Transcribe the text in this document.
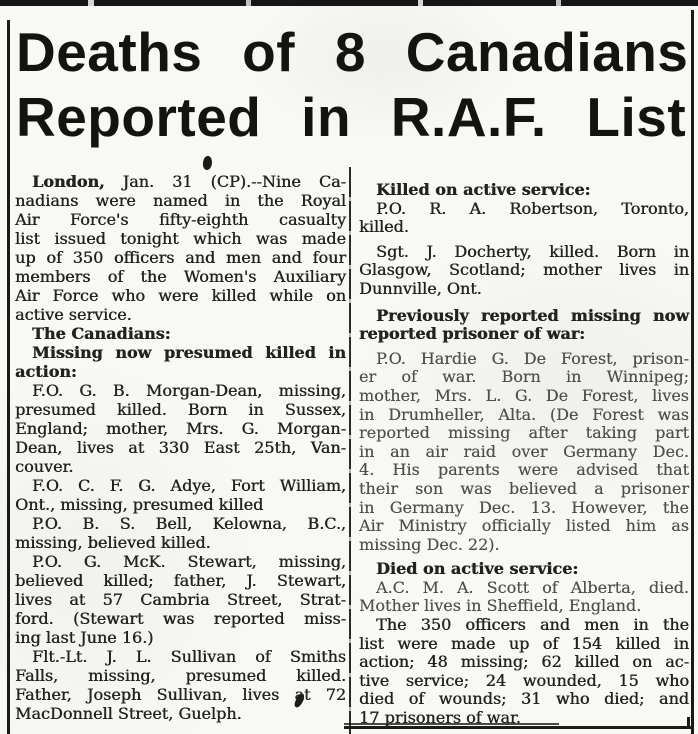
Deaths of 8 Canadians
Reported in R.A.F. List
London, Jan. 31 (CP).--Nine Ca-
nadians were named in the Royal
Air Force's fifty-eighth casualty
list issued tonight which was made
up of 350 officers and men and four
members of the Women's Auxiliary
Air Force who were killed while on
active service.
The Canadians:
Missing now presumed killed in
action:
F.O. G. B. Morgan-Dean, missing,
presumed killed. Born in Sussex,
England; mother, Mrs. G. Morgan-
Dean, lives at 330 East 25th, Van-
couver.
F.O. C. F. G. Adye, Fort William,
Ont., missing, presumed killed
P.O. B. S. Bell, Kelowna, B.C.,
missing, believed killed.
P.O. G. McK. Stewart, missing,
believed killed; father, J. Stewart,
lives at 57 Cambria Street, Strat-
ford. (Stewart was reported miss-
ing last June 16.)
Flt.-Lt. J. L. Sullivan of Smiths
Falls, missing, presumed killed.
Father, Joseph Sullivan, lives at 72
MacDonnell Street, Guelph.
Killed on active service:
P.O. R. A. Robertson, Toronto,
killed.
Sgt. J. Docherty, killed. Born in
Glasgow, Scotland; mother lives in
Dunnville, Ont.
Previously reported missing now
reported prisoner of war:
P.O. Hardie G. De Forest, prison-
er of war. Born in Winnipeg;
mother, Mrs. L. G. De Forest, lives
in Drumheller, Alta. (De Forest was
reported missing after taking part
in an air raid over Germany Dec.
4. His parents were advised that
their son was believed a prisoner
in Germany Dec. 13. However, the
Air Ministry officially listed him as
missing Dec. 22).
Died on active service:
A.C. M. A. Scott of Alberta, died.
Mother lives in Sheffield, England.
The 350 officers and men in the
list were made up of 154 killed in
action; 48 missing; 62 killed on ac-
tive service; 24 wounded, 15 who
died of wounds; 31 who died; and
17 prisoners of war.
